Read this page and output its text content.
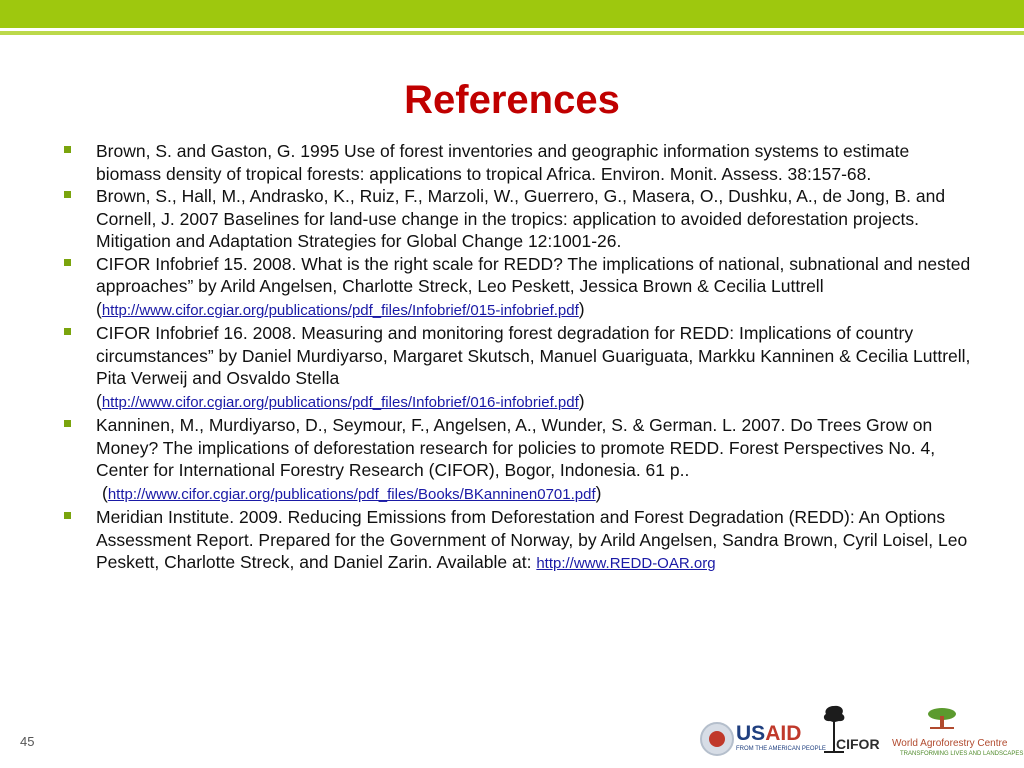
References
Brown, S. and Gaston, G. 1995 Use of forest inventories and geographic information systems to estimate biomass density of tropical forests: applications to tropical Africa. Environ. Monit. Assess. 38:157-68.
Brown, S., Hall, M., Andrasko, K., Ruiz, F., Marzoli, W., Guerrero, G., Masera, O., Dushku, A., de Jong, B. and Cornell, J. 2007 Baselines for land-use change in the tropics: application to avoided deforestation projects. Mitigation and Adaptation Strategies for Global Change 12:1001-26.
CIFOR Infobrief 15. 2008. What is the right scale for REDD? The implications of national, subnational and nested approaches” by Arild Angelsen, Charlotte Streck, Leo Peskett, Jessica Brown & Cecilia Luttrell (http://www.cifor.cgiar.org/publications/pdf_files/Infobrief/015-infobrief.pdf)
CIFOR Infobrief 16. 2008. Measuring and monitoring forest degradation for REDD: Implications of country circumstances” by Daniel Murdiyarso, Margaret Skutsch, Manuel Guariguata, Markku Kanninen & Cecilia Luttrell, Pita Verweij and Osvaldo Stella
(http://www.cifor.cgiar.org/publications/pdf_files/Infobrief/016-infobrief.pdf)
Kanninen, M., Murdiyarso, D., Seymour, F., Angelsen, A., Wunder, S. & German. L. 2007. Do Trees Grow on Money? The implications of deforestation research for policies to promote REDD. Forest Perspectives No. 4, Center for International Forestry Research (CIFOR), Bogor, Indonesia. 61 p..
(http://www.cifor.cgiar.org/publications/pdf_files/Books/BKanninen0701.pdf)
Meridian Institute. 2009. Reducing Emissions from Deforestation and Forest Degradation (REDD): An Options Assessment Report. Prepared for the Government of Norway, by Arild Angelsen, Sandra Brown, Cyril Loisel, Leo Peskett, Charlotte Streck, and Daniel Zarin. Available at: http://www.REDD-OAR.org
45	USAID
FROM THE AMERICAN PEOPLE CIFOR World Agroforestry Centre
TRANSFORMING LIVES AND LANDSCAPES
